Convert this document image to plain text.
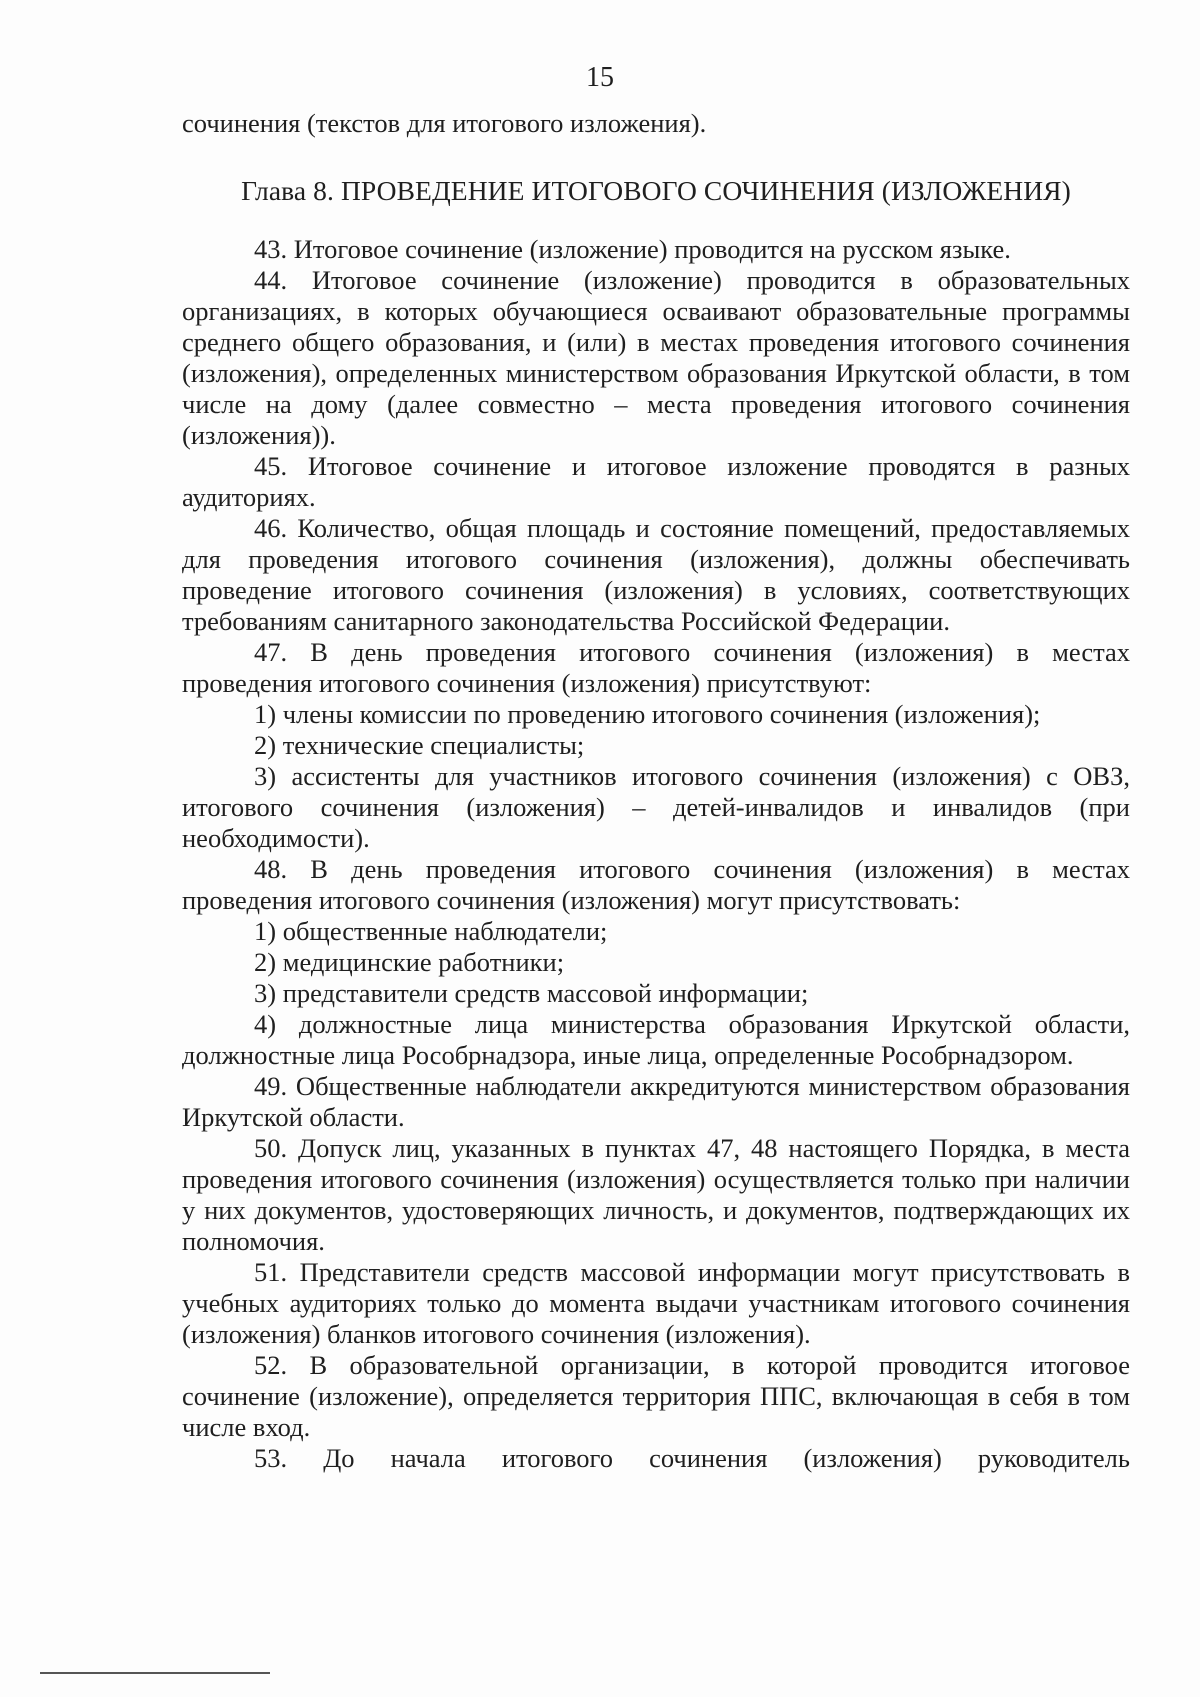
15

сочинения (текстов для итогового изложения).

Глава 8. ПРОВЕДЕНИЕ ИТОГОВОГО СОЧИНЕНИЯ (ИЗЛОЖЕНИЯ)

43. Итоговое сочинение (изложение) проводится на русском языке.

44. Итоговое сочинение (изложение) проводится в образовательных организациях, в которых обучающиеся осваивают образовательные программы среднего общего образования, и (или) в местах проведения итогового сочинения (изложения), определенных министерством образования Иркутской области, в том числе на дому (далее совместно – места проведения итогового сочинения (изложения)).

45. Итоговое сочинение и итоговое изложение проводятся в разных аудиториях.

46. Количество, общая площадь и состояние помещений, предоставляемых для проведения итогового сочинения (изложения), должны обеспечивать проведение итогового сочинения (изложения) в условиях, соответствующих требованиям санитарного законодательства Российской Федерации.

47. В день проведения итогового сочинения (изложения) в местах проведения итогового сочинения (изложения) присутствуют:

1) члены комиссии по проведению итогового сочинения (изложения);

2) технические специалисты;

3) ассистенты для участников итогового сочинения (изложения) с ОВЗ, итогового сочинения (изложения) – детей-инвалидов и инвалидов (при необходимости).

48. В день проведения итогового сочинения (изложения) в местах проведения итогового сочинения (изложения) могут присутствовать:

1) общественные наблюдатели;

2) медицинские работники;

3) представители средств массовой информации;

4) должностные лица министерства образования Иркутской области, должностные лица Рособрнадзора, иные лица, определенные Рособрнадзором.

49. Общественные наблюдатели аккредитуются министерством образования Иркутской области.

50. Допуск лиц, указанных в пунктах 47, 48 настоящего Порядка, в места проведения итогового сочинения (изложения) осуществляется только при наличии у них документов, удостоверяющих личность, и документов, подтверждающих их полномочия.

51. Представители средств массовой информации могут присутствовать в учебных аудиториях только до момента выдачи участникам итогового сочинения (изложения) бланков итогового сочинения (изложения).

52. В образовательной организации, в которой проводится итоговое сочинение (изложение), определяется территория ППС, включающая в себя в том числе вход.

53. До начала итогового сочинения (изложения) руководитель
